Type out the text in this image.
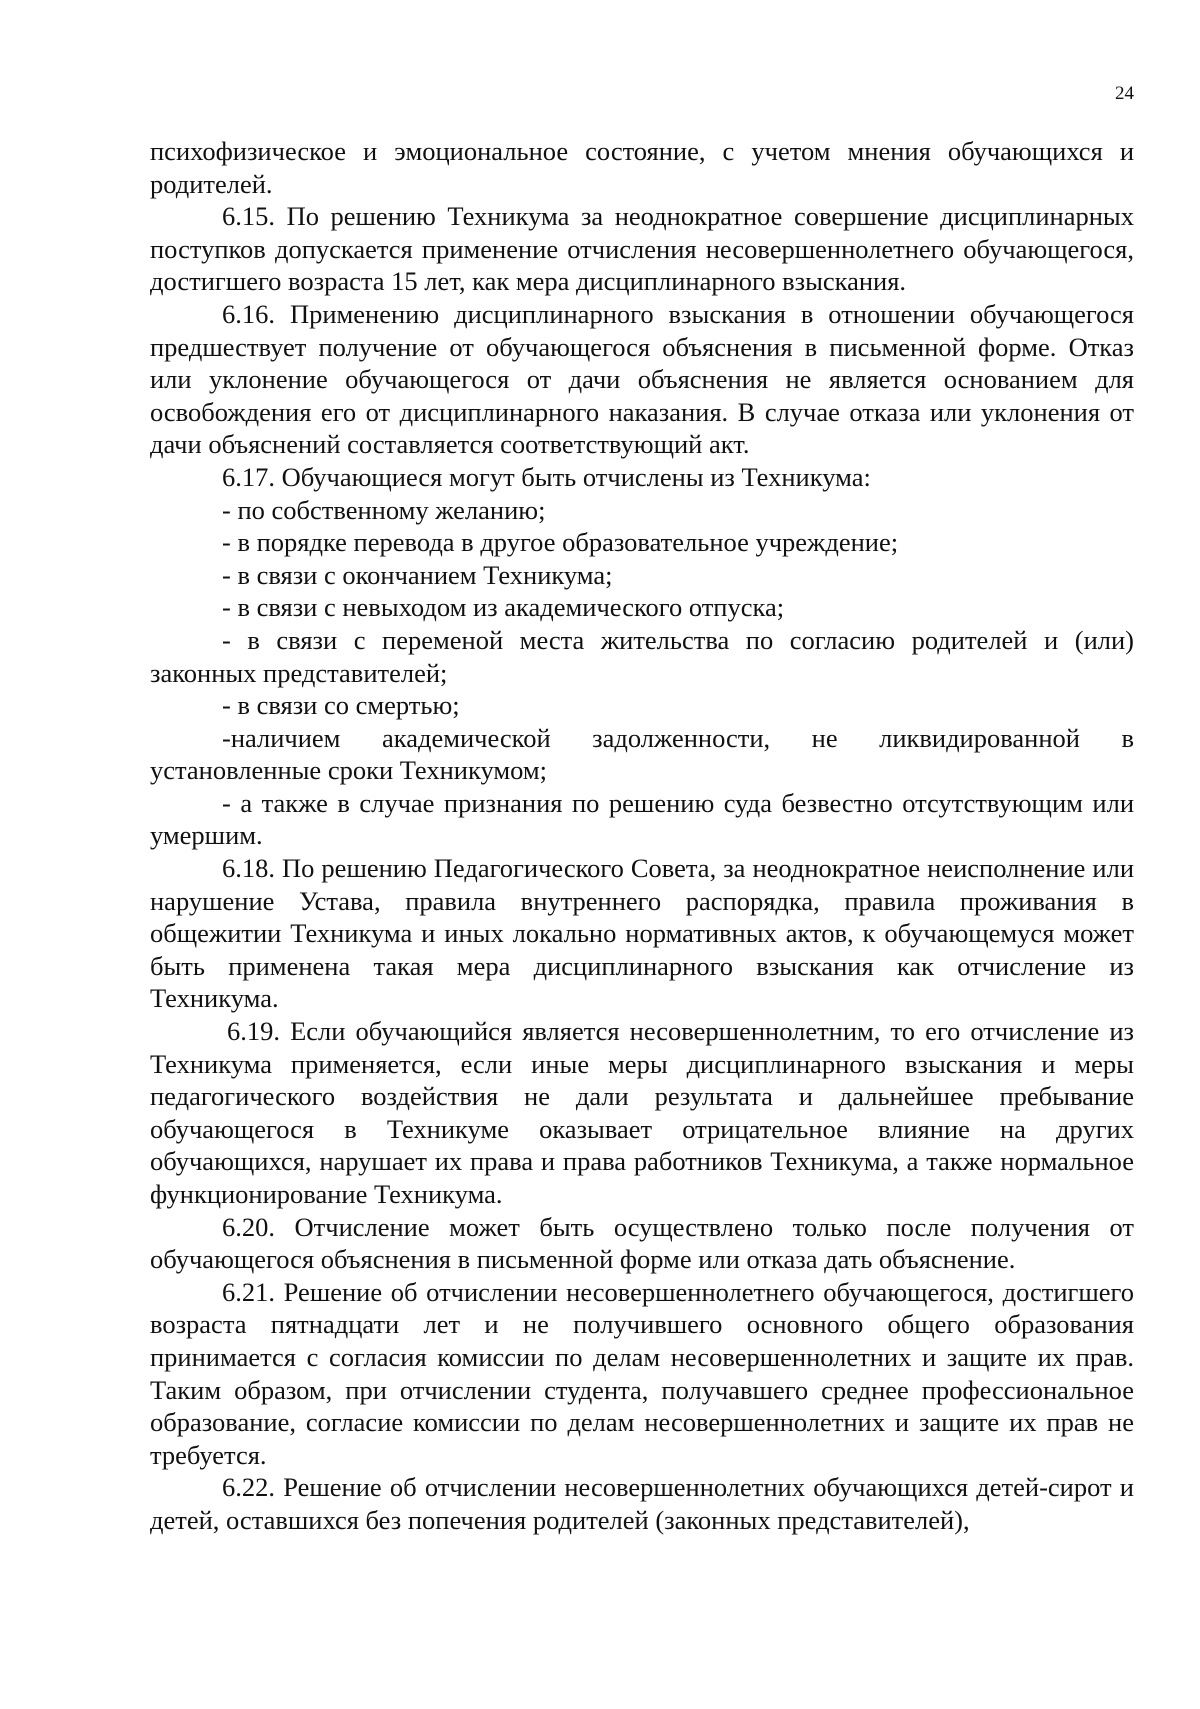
24

психофизическое и эмоциональное состояние, с учетом мнения обучающихся и родителей.

6.15. По решению Техникума за неоднократное совершение дисциплинарных поступков допускается применение отчисления несовершеннолетнего обучающегося, достигшего возраста 15 лет, как мера дисциплинарного взыскания.

6.16. Применению дисциплинарного взыскания в отношении обучающегося предшествует получение от обучающегося объяснения в письменной форме. Отказ или уклонение обучающегося от дачи объяснения не является основанием для освобождения его от дисциплинарного наказания. В случае отказа или уклонения от дачи объяснений составляется соответствующий акт.

6.17. Обучающиеся могут быть отчислены из Техникума:

- по собственному желанию;

- в порядке перевода в другое образовательное учреждение;

- в связи с окончанием Техникума;

- в связи с невыходом из академического отпуска;

- в связи с переменой места жительства по согласию родителей и (или) законных представителей;

- в связи со смертью;

-наличием академической задолженности, не ликвидированной в установленные сроки Техникумом;

- а также в случае признания по решению суда безвестно отсутствующим или умершим.

6.18. По решению Педагогического Совета, за неоднократное неисполнение или нарушение Устава, правила внутреннего распорядка, правила проживания в общежитии Техникума и иных локально нормативных актов, к обучающемуся может быть применена такая мера дисциплинарного взыскания как отчисление из Техникума.

6.19. Если обучающийся является несовершеннолетним, то его отчисление из Техникума применяется, если иные меры дисциплинарного взыскания и меры педагогического воздействия не дали результата и дальнейшее пребывание обучающегося в Техникуме оказывает отрицательное влияние на других обучающихся, нарушает их права и права работников Техникума, а также нормальное функционирование Техникума.

6.20. Отчисление может быть осуществлено только после получения от обучающегося объяснения в письменной форме или отказа дать объяснение.

6.21. Решение об отчислении несовершеннолетнего обучающегося, достигшего возраста пятнадцати лет и не получившего основного общего образования принимается с согласия комиссии по делам несовершеннолетних и защите их прав. Таким образом, при отчислении студента, получавшего среднее профессиональное образование, согласие комиссии по делам несовершеннолетних и защите их прав не требуется.

6.22. Решение об отчислении несовершеннолетних обучающихся детей-сирот и детей, оставшихся без попечения родителей (законных представителей),
